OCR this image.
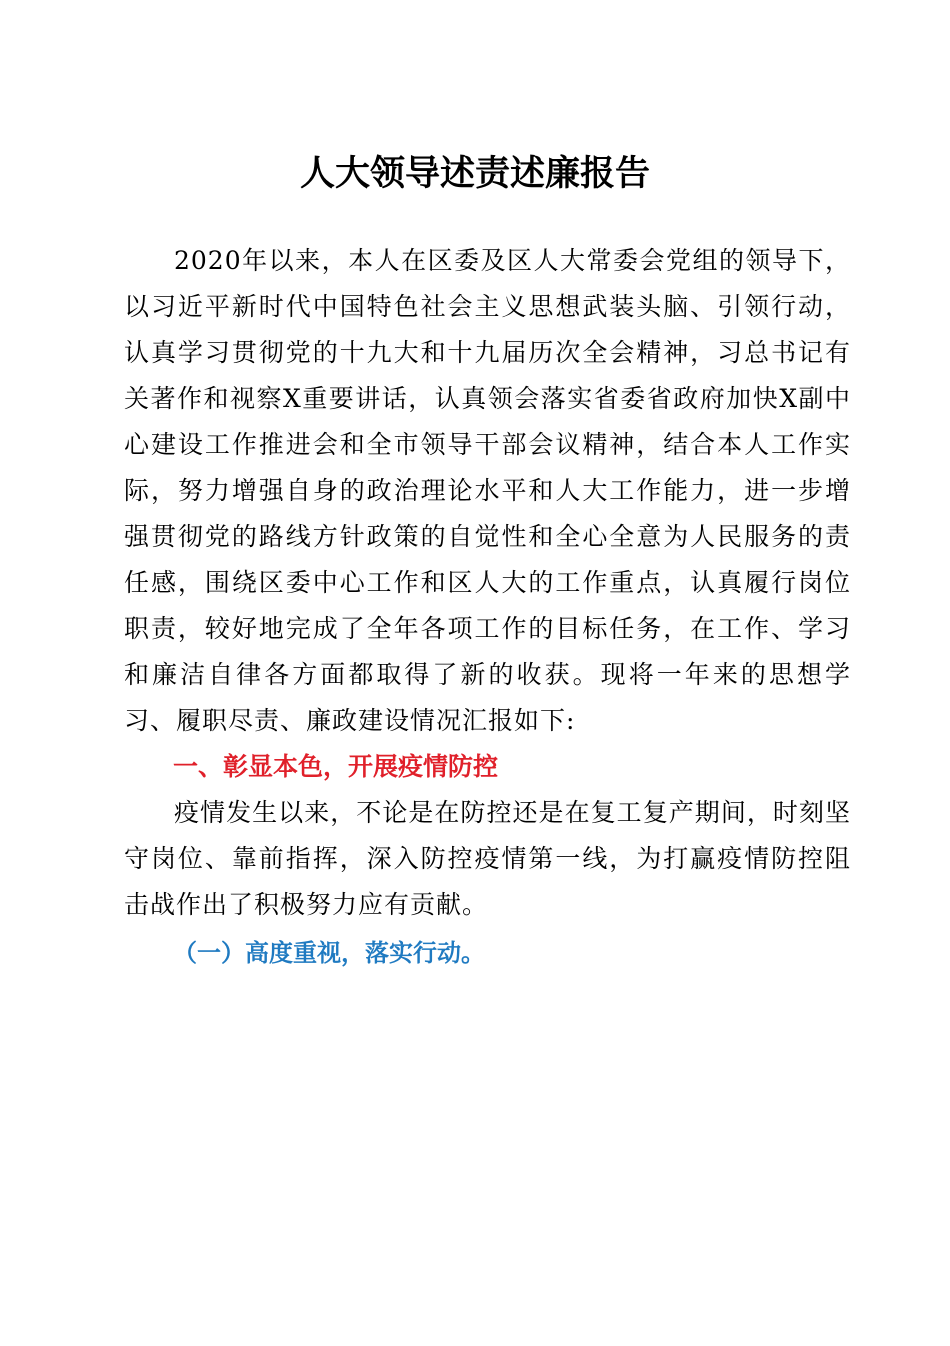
人大领导述责述廉报告

2020年以来，本人在区委及区人大常委会党组的领导下，以习近平新时代中国特色社会主义思想武装头脑、引领行动，认真学习贯彻党的十九大和十九届历次全会精神，习总书记有关著作和视察X重要讲话，认真领会落实省委省政府加快X副中心建设工作推进会和全市领导干部会议精神，结合本人工作实际，努力增强自身的政治理论水平和人大工作能力，进一步增强贯彻党的路线方针政策的自觉性和全心全意为人民服务的责任感，围绕区委中心工作和区人大的工作重点，认真履行岗位职责，较好地完成了全年各项工作的目标任务，在工作、学习和廉洁自律各方面都取得了新的收获。现将一年来的思想学习、履职尽责、廉政建设情况汇报如下:

一、彰显本色，开展疫情防控

疫情发生以来，不论是在防控还是在复工复产期间，时刻坚守岗位、靠前指挥，深入防控疫情第一线，为打赢疫情防控阻击战作出了积极努力应有贡献。

（一）高度重视，落实行动。
